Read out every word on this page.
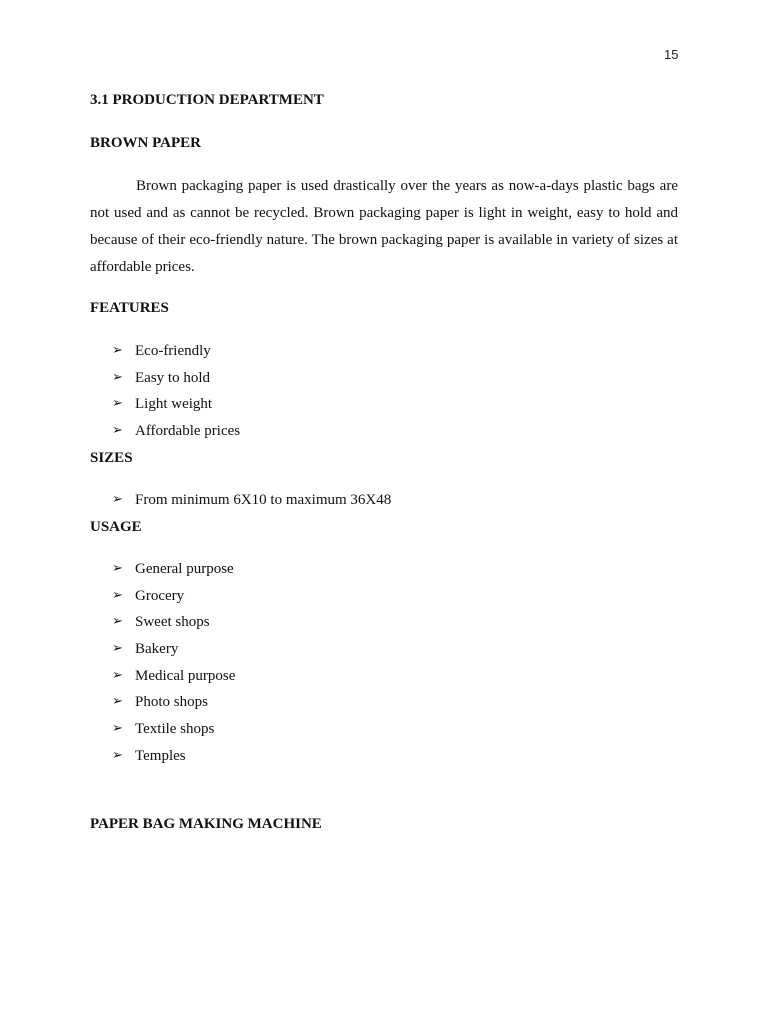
15
3.1 PRODUCTION DEPARTMENT
BROWN PAPER

Brown packaging paper is used drastically over the years as now-a-days plastic bags are not used and as cannot be recycled. Brown packaging paper is light in weight, easy to hold and because of their eco-friendly nature. The brown packaging paper is available in variety of sizes at affordable prices.

FEATURES
➢ Eco-friendly
➢ Easy to hold
➢ Light weight
➢ Affordable prices
SIZES
➢ From minimum 6X10 to maximum 36X48
USAGE
➢ General purpose
➢ Grocery
➢ Sweet shops
➢ Bakery
➢ Medical purpose
➢ Photo shops
➢ Textile shops
➢ Temples
PAPER BAG MAKING MACHINE
